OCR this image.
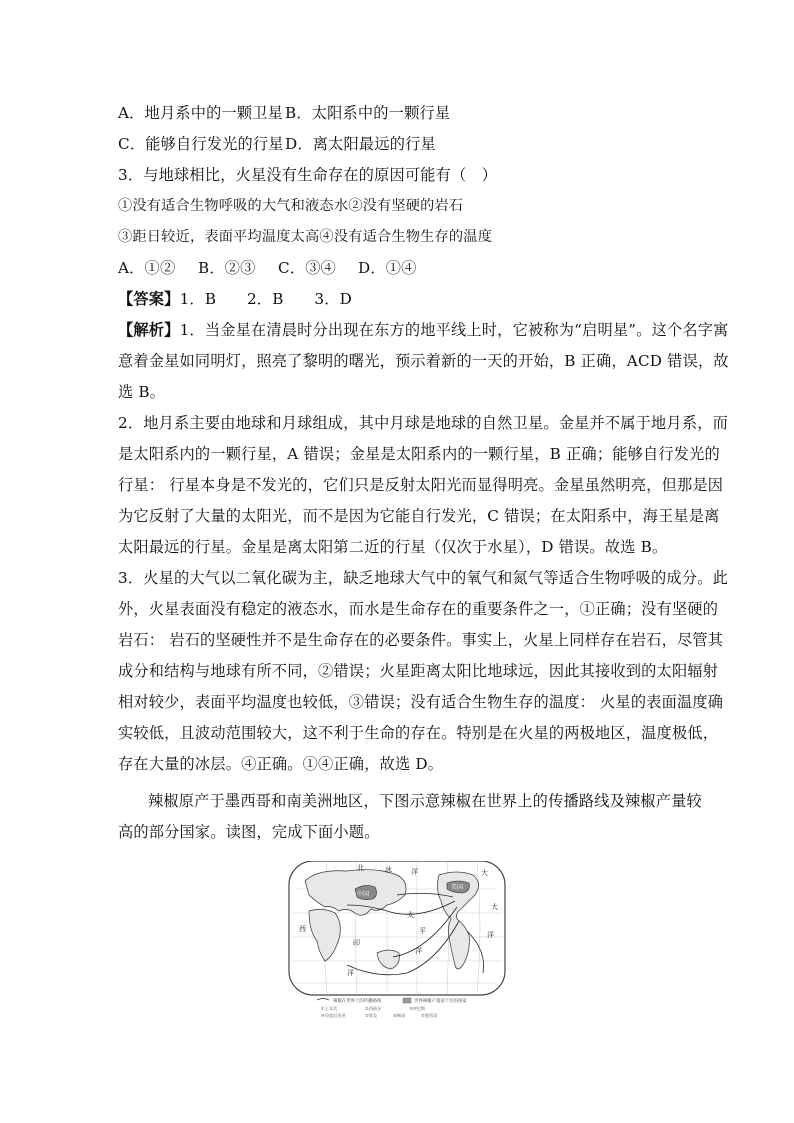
A．地月系中的一颗卫星 B．太阳系中的一颗行星
C．能够自行发光的行星D．离太阳最远的行星
3．与地球相比，火星没有生命存在的原因可能有（　）
①没有适合生物呼吸的大气和液态水②没有坚硬的岩石
③距日较近，表面平均温度太高④没有适合生物生存的温度
A．①② B．②③ C．③④ D．①④
【答案】1．B　　2．B　　3．D
【解析】1．当金星在清晨时分出现在东方的地平线上时，它被称为“启明星”。这个名字寓
意着金星如同明灯，照亮了黎明的曙光，预示着新的一天的开始，B 正确，ACD 错误，故
选 B。
2．地月系主要由地球和月球组成，其中月球是地球的自然卫星。金星并不属于地月系，而
是太阳系内的一颗行星，A 错误；金星是太阳系内的一颗行星，B 正确；能够自行发光的
行星： 行星本身是不发光的，它们只是反射太阳光而显得明亮。金星虽然明亮，但那是因
为它反射了大量的太阳光，而不是因为它能自行发光，C 错误；在太阳系中，海王星是离
太阳最远的行星。金星是离太阳第二近的行星（仅次于水星），D 错误。故选 B。
3．火星的大气以二氧化碳为主，缺乏地球大气中的氧气和氮气等适合生物呼吸的成分。此
外，火星表面没有稳定的液态水，而水是生命存在的重要条件之一，①正确；没有坚硬的
岩石： 岩石的坚硬性并不是生命存在的必要条件。事实上，火星上同样存在岩石，尽管其
成分和结构与地球有所不同，②错误；火星距离太阳比地球远，因此其接收到的太阳辐射
相对较少，表面平均温度也较低，③错误；没有适合生物生存的温度： 火星的表面温度确
实较低，且波动范围较大，这不利于生命的存在。特别是在火星的两极地区，温度极低，
存在大量的冰层。④正确。①④正确，故选 D。
辣椒原产于墨西哥和南美洲地区，下图示意辣椒在世界上的传播路线及辣椒产量较
高的部分国家。读图，完成下面小题。
北	冰	洋	大
中国
美国
西
太
平
洋
印
洋
大
洋
辣椒在世界上的传播路线	世界辣椒产量前十位的国家
①土耳其	②西班牙	③突尼斯
④印度尼西亚	⑤埃及	⑥韩国	⑦墨西哥
